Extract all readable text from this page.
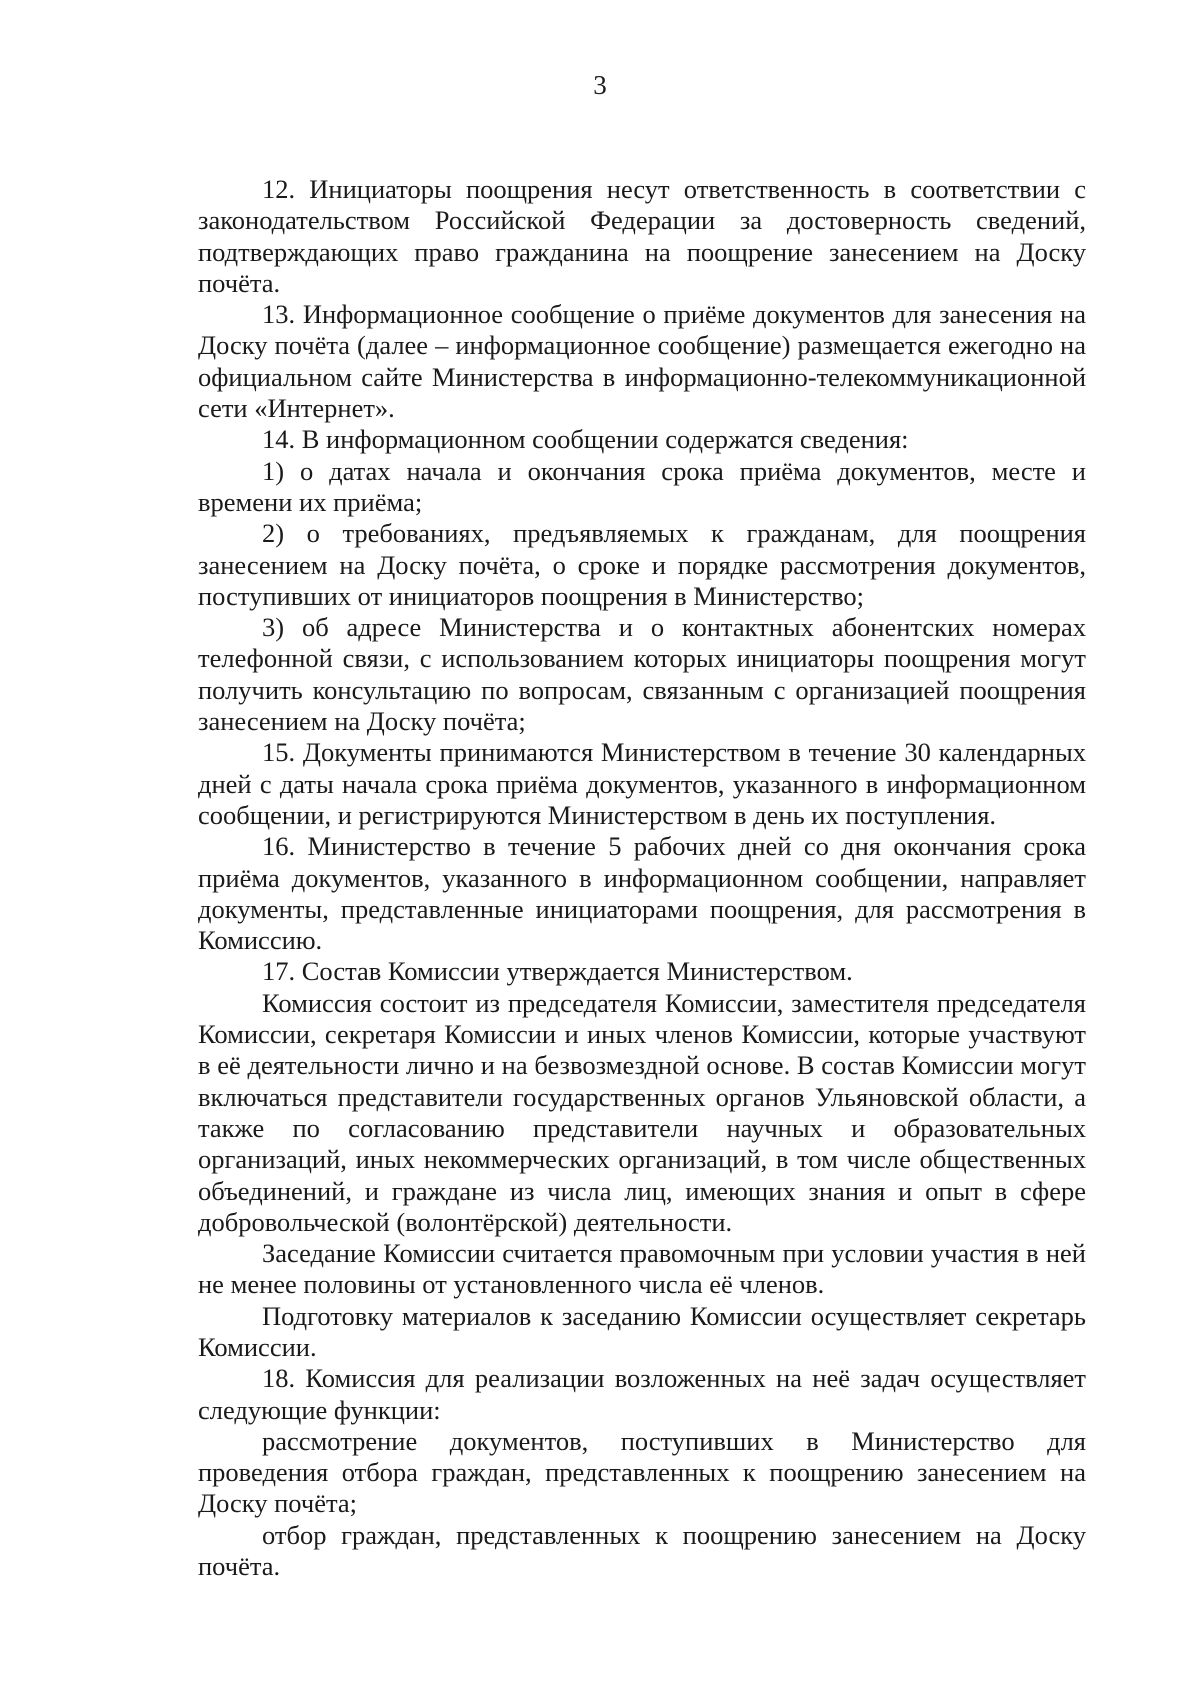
3

12. Инициаторы поощрения несут ответственность в соответствии с законодательством Российской Федерации за достоверность сведений, подтверждающих право гражданина на поощрение занесением на Доску почёта.

13. Информационное сообщение о приёме документов для занесения на Доску почёта (далее – информационное сообщение) размещается ежегодно на официальном сайте Министерства в информационно-телекоммуникационной сети «Интернет».

14. В информационном сообщении содержатся сведения:

1) о датах начала и окончания срока приёма документов, месте и времени их приёма;

2) о требованиях, предъявляемых к гражданам, для поощрения занесением на Доску почёта, о сроке и порядке рассмотрения документов, поступивших от инициаторов поощрения в Министерство;

3) об адресе Министерства и о контактных абонентских номерах телефонной связи, с использованием которых инициаторы поощрения могут получить консультацию по вопросам, связанным с организацией поощрения занесением на Доску почёта;

15. Документы принимаются Министерством в течение 30 календарных дней с даты начала срока приёма документов, указанного в информационном сообщении, и регистрируются Министерством в день их поступления.

16. Министерство в течение 5 рабочих дней со дня окончания срока приёма документов, указанного в информационном сообщении, направляет документы, представленные инициаторами поощрения, для рассмотрения в Комиссию.

17. Состав Комиссии утверждается Министерством.

Комиссия состоит из председателя Комиссии, заместителя председателя Комиссии, секретаря Комиссии и иных членов Комиссии, которые участвуют в её деятельности лично и на безвозмездной основе. В состав Комиссии могут включаться представители государственных органов Ульяновской области, а также по согласованию представители научных и образовательных организаций, иных некоммерческих организаций, в том числе общественных объединений, и граждане из числа лиц, имеющих знания и опыт в сфере добровольческой (волонтёрской) деятельности.

Заседание Комиссии считается правомочным при условии участия в ней не менее половины от установленного числа её членов.

Подготовку материалов к заседанию Комиссии осуществляет секретарь Комиссии.

18. Комиссия для реализации возложенных на неё задач осуществляет следующие функции:

рассмотрение документов, поступивших в Министерство для проведения отбора граждан, представленных к поощрению занесением на Доску почёта;

отбор граждан, представленных к поощрению занесением на Доску почёта.
